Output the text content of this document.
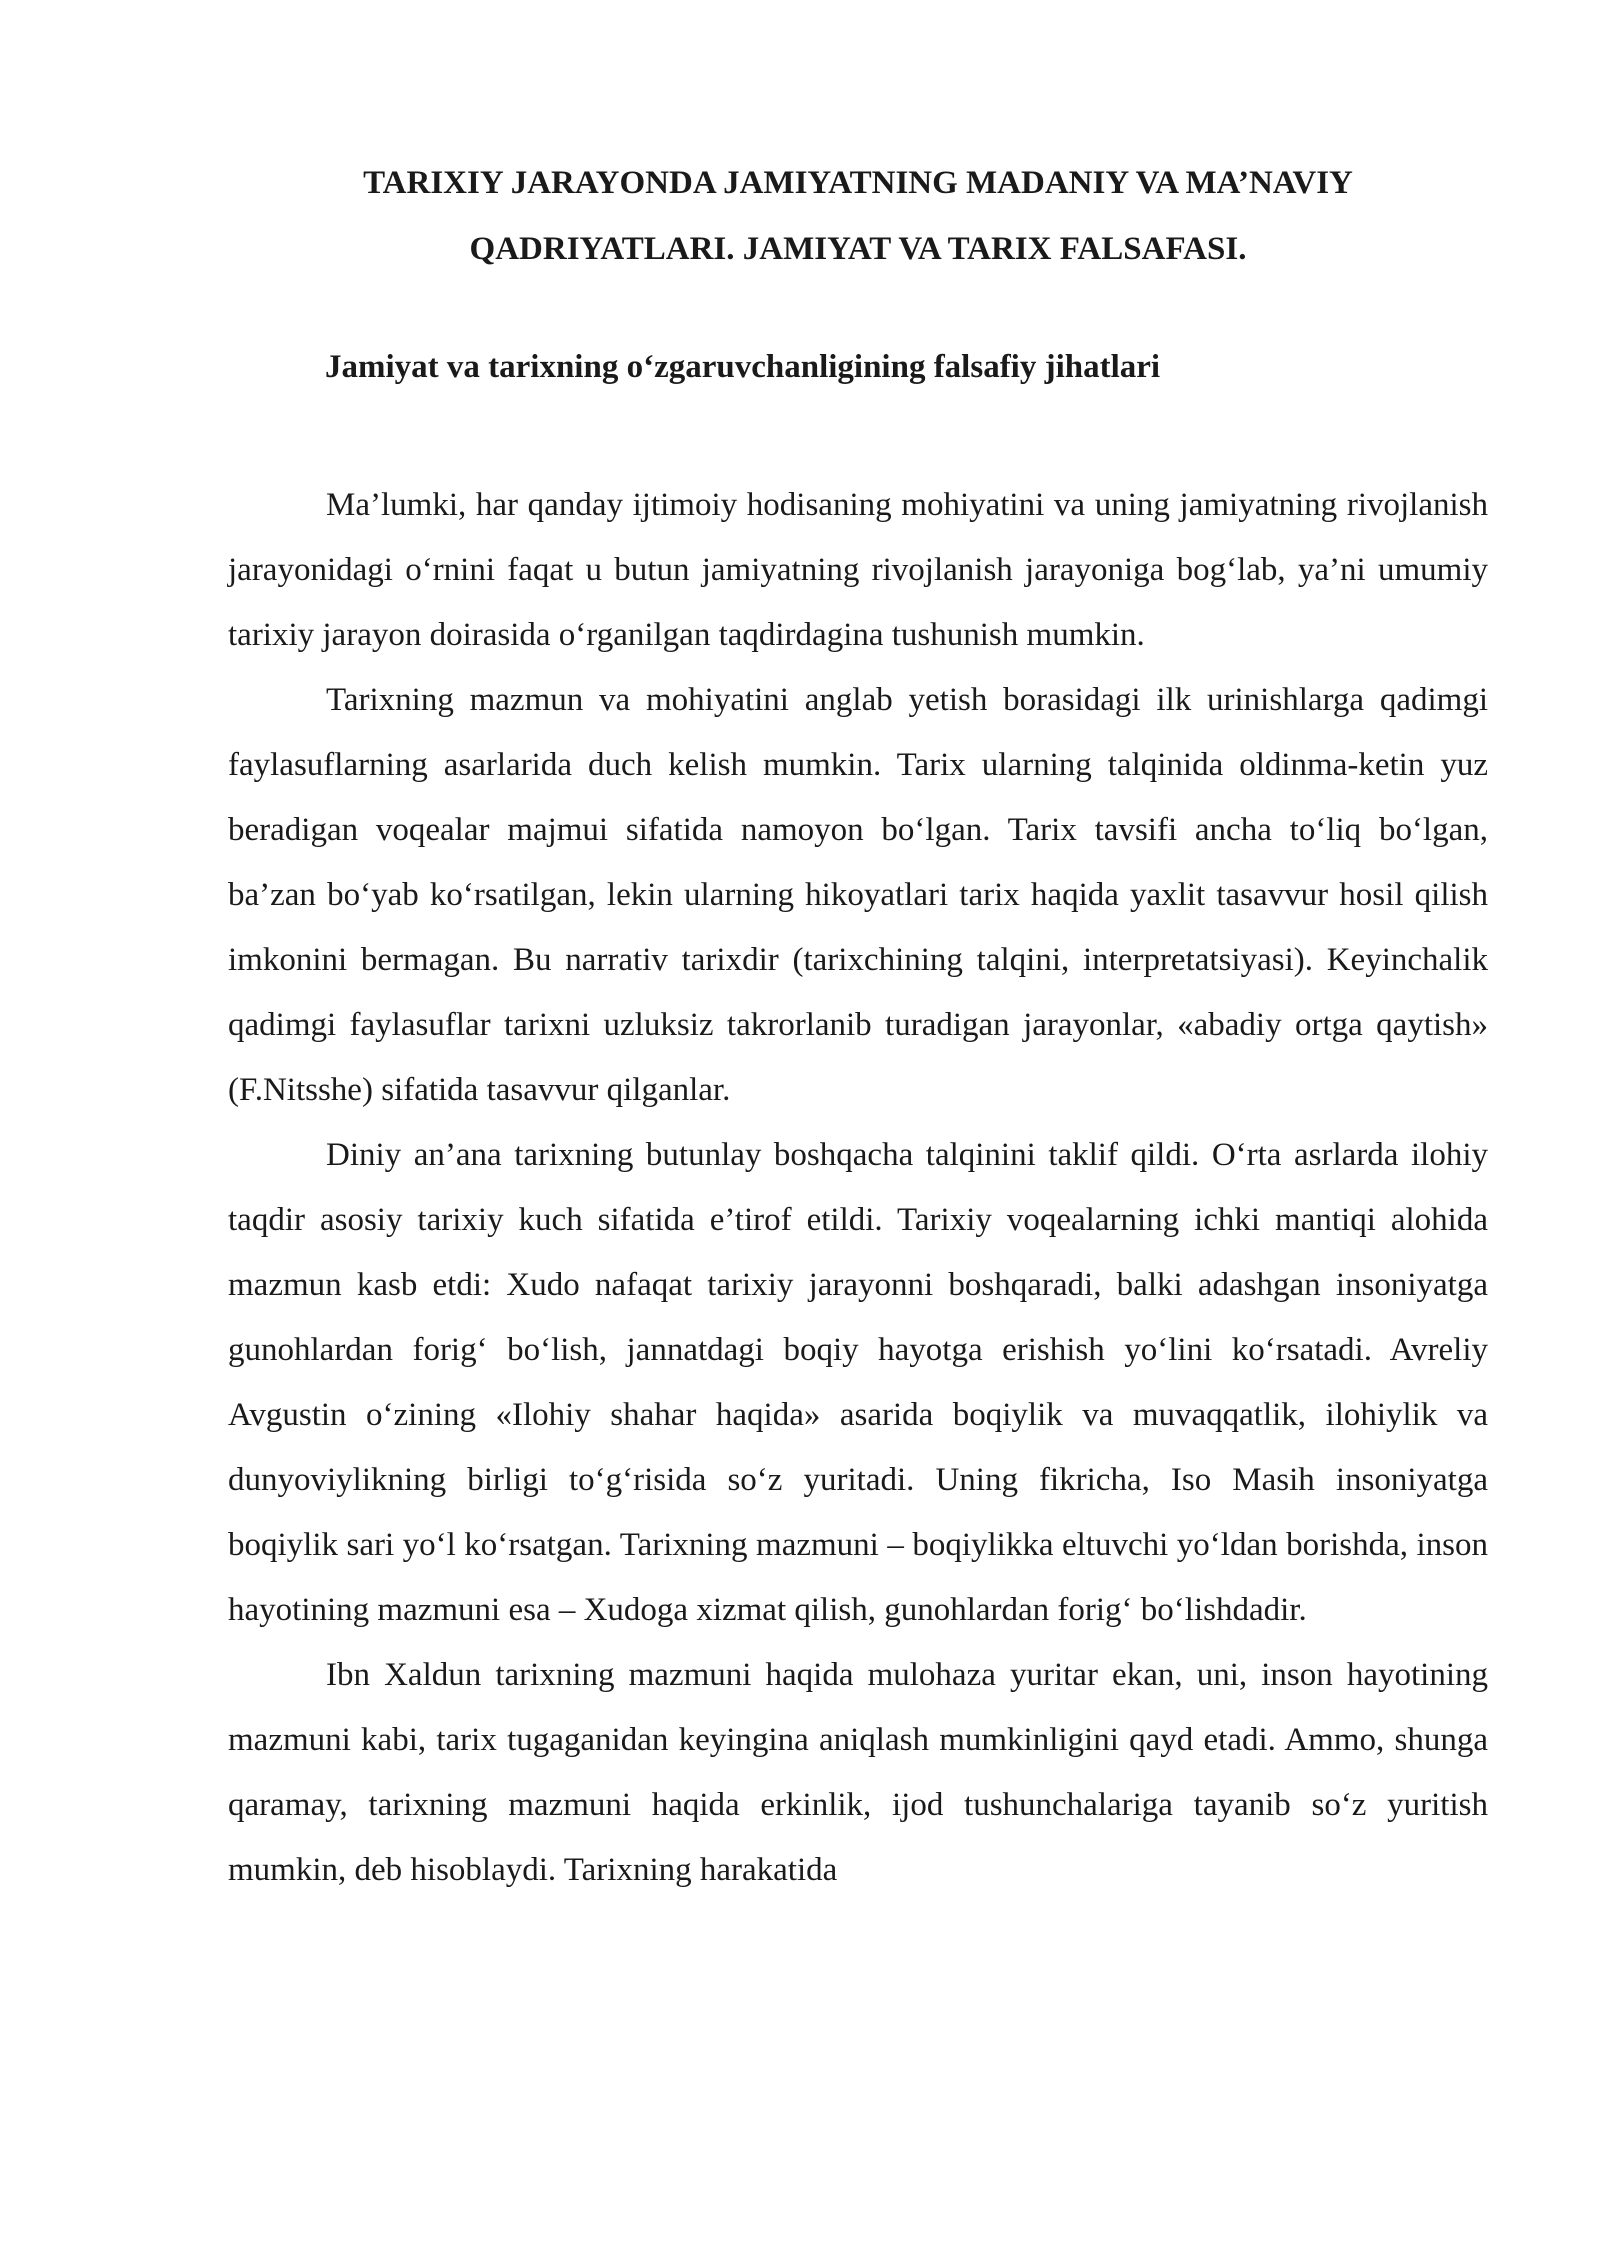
TARIXIY JARAYONDA JAMIYATNING MADANIY VA MA’NAVIY QADRIYATLARI. JAMIYAT VA TARIX FALSAFASI.
Jamiyat va tarixning o‘zgaruvchanligining falsafiy jihatlari

Ma’lumki, har qanday ijtimoiy hodisaning mohiyatini va uning jamiyatning rivojlanish jarayonidagi o‘rnini faqat u butun jamiyatning rivojlanish jarayoniga bog‘lab, ya’ni umumiy tarixiy jarayon doirasida o‘rganilgan taqdirdagina tushunish mumkin.

Tarixning mazmun va mohiyatini anglab yetish borasidagi ilk urinishlarga qadimgi faylasuflarning asarlarida duch kelish mumkin. Tarix ularning talqinida oldinma-ketin yuz beradigan voqealar majmui sifatida namoyon bo‘lgan. Tarix tavsifi ancha to‘liq bo‘lgan, ba’zan bo‘yab ko‘rsatilgan, lekin ularning hikoyatlari tarix haqida yaxlit tasavvur hosil qilish imkonini bermagan. Bu narrativ tarixdir (tarixchining talqini, interpretatsiyasi). Keyinchalik qadimgi faylasuflar tarixni uzluksiz takrorlanib turadigan jarayonlar, «abadiy ortga qaytish» (F.Nitsshe) sifatida tasavvur qilganlar.

Diniy an’ana tarixning butunlay boshqacha talqinini taklif qildi. O‘rta asrlarda ilohiy taqdir asosiy tarixiy kuch sifatida e’tirof etildi. Tarixiy voqealarning ichki mantiqi alohida mazmun kasb etdi: Xudo nafaqat tarixiy jarayonni boshqaradi, balki adashgan insoniyatga gunohlardan forig‘ bo‘lish, jannatdagi boqiy hayotga erishish yo‘lini ko‘rsatadi. Avreliy Avgustin o‘zining «Ilohiy shahar haqida» asarida boqiylik va muvaqqatlik, ilohiylik va dunyoviylikning birligi to‘g‘risida so‘z yuritadi. Uning fikricha, Iso Masih insoniyatga boqiylik sari yo‘l ko‘rsatgan. Tarixning mazmuni – boqiylikka eltuvchi yo‘ldan borishda, inson hayotining mazmuni esa – Xudoga xizmat qilish, gunohlardan forig‘ bo‘lishdadir.

Ibn Xaldun tarixning mazmuni haqida mulohaza yuritar ekan, uni, inson hayotining mazmuni kabi, tarix tugaganidan keyingina aniqlash mumkinligini qayd etadi. Ammo, shunga qaramay, tarixning mazmuni haqida erkinlik, ijod tushunchalariga tayanib so‘z yuritish mumkin, deb hisoblaydi. Tarixning harakatida
